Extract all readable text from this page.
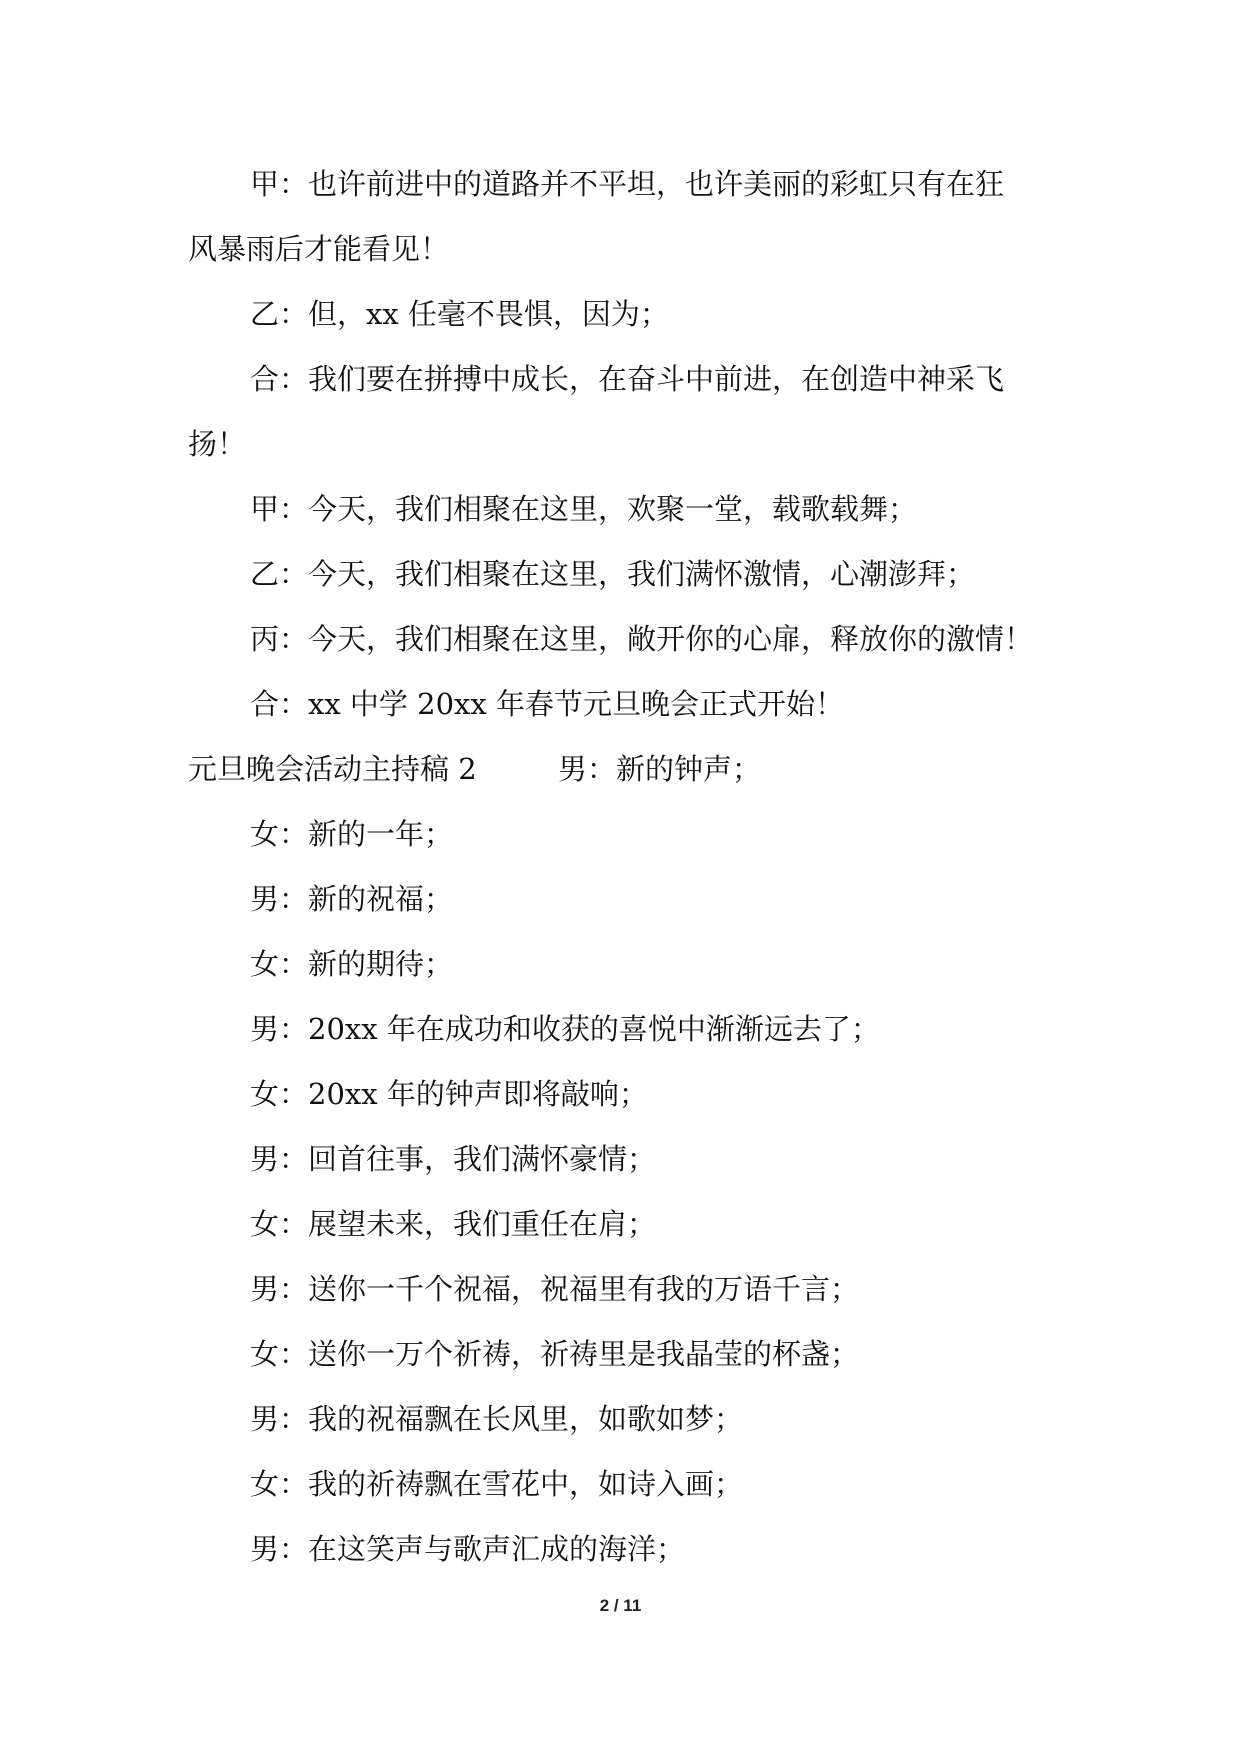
甲：也许前进中的道路并不平坦，也许美丽的彩虹只有在狂
风暴雨后才能看见！
乙：但，xx 任毫不畏惧，因为；
合：我们要在拼搏中成长，在奋斗中前进，在创造中神采飞
扬！
甲：今天，我们相聚在这里，欢聚一堂，载歌载舞；
乙：今天，我们相聚在这里，我们满怀激情，心潮澎拜；
丙：今天，我们相聚在这里，敞开你的心扉，释放你的激情！
合：xx 中学 20xx 年春节元旦晚会正式开始！
元旦晚会活动主持稿 2	男：新的钟声；
女：新的一年；
男：新的祝福；
女：新的期待；
男：20xx 年在成功和收获的喜悦中渐渐远去了；
女：20xx 年的钟声即将敲响；
男：回首往事，我们满怀豪情；
女：展望未来，我们重任在肩；
男：送你一千个祝福，祝福里有我的万语千言；
女：送你一万个祈祷，祈祷里是我晶莹的杯盏；
男：我的祝福飘在长风里，如歌如梦；
女：我的祈祷飘在雪花中，如诗入画；
男：在这笑声与歌声汇成的海洋；
2 / 11
